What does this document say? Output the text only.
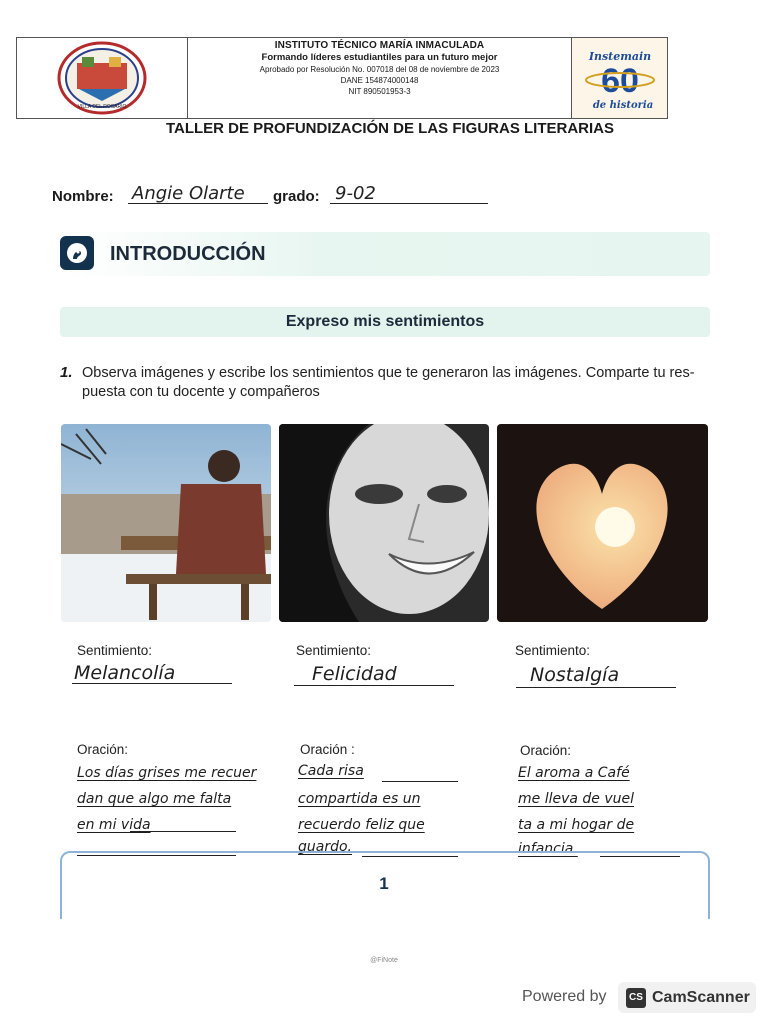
VILLA DEL ROSARIO
INSTITUTO TÉCNICO MARÍA INMACULADA
Formando líderes estudiantiles para un futuro mejor
Aprobado por Resolución No. 007018 del 08 de noviembre de 2023
DANE 154874000148
NIT 890501953-3
Instemain
60
de historia
TALLER DE PROFUNDIZACIÓN DE LAS FIGURAS LITERARIAS
Nombre: Angie Olarte grado: 9-02
INTRODUCCIÓN
Expreso mis sentimientos
1. Observa imágenes y escribe los sentimientos que te generaron las imágenes. Comparte tu res- puesta con tu docente y compañeros
Sentimiento:
Melancolía
Oración:
Los días grises me recuer
dan que algo me falta
en mi vida
Sentimiento:
Felicidad
Oración :
Cada risa
compartida es un
recuerdo feliz que
guardo.
Sentimiento:
Nostalgía
Oración:
El aroma a Café
me lleva de vuel
ta a mi hogar de
infancia.
1
@FiNote
Powered by	CS CamScanner
